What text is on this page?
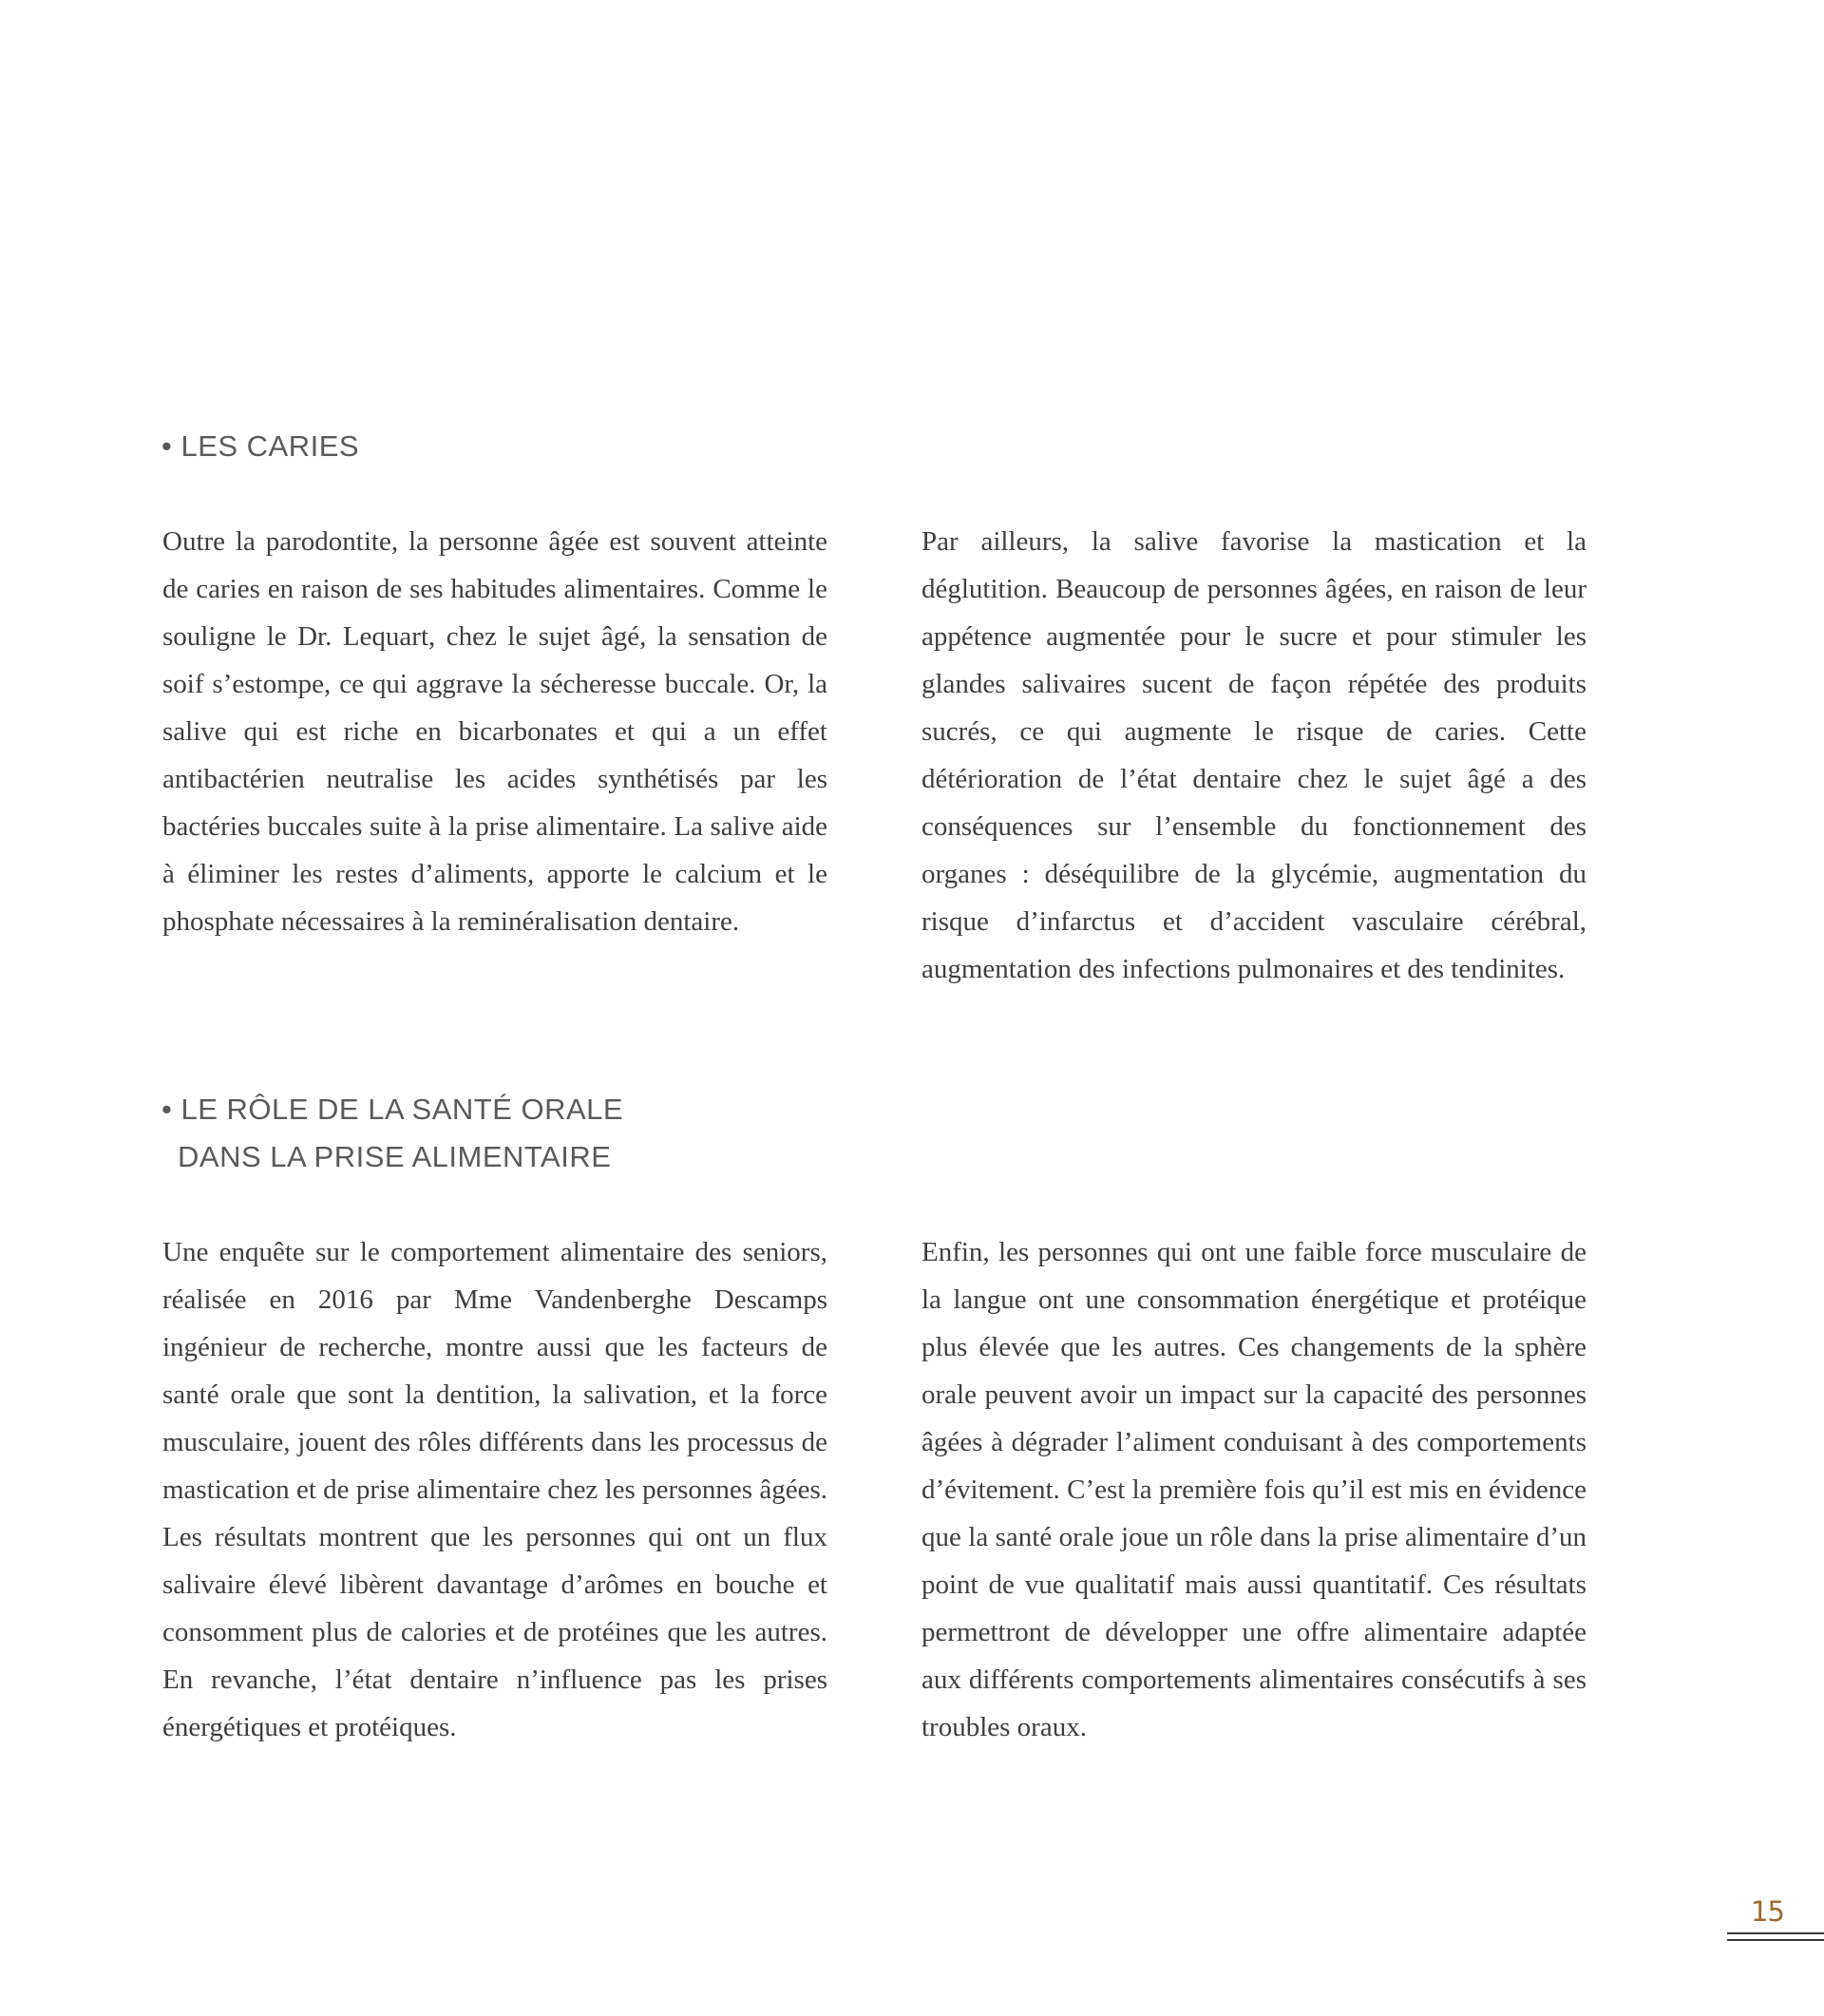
• LES CARIES

Outre la parodontite, la personne âgée est souvent atteinte de caries en raison de ses habitudes alimentaires. Comme le souligne le Dr. Lequart, chez le sujet âgé, la sensation de soif s’estompe, ce qui aggrave la sécheresse buccale. Or, la salive qui est riche en bicarbonates et qui a un effet antibactérien neutralise les acides synthétisés par les bactéries buccales suite à la prise alimentaire. La salive aide à éliminer les restes d’aliments, apporte le calcium et le phosphate nécessaires à la reminéralisation dentaire.

Par ailleurs, la salive favorise la mastication et la déglutition. Beaucoup de personnes âgées, en raison de leur appétence augmentée pour le sucre et pour stimuler les glandes salivaires sucent de façon répétée des produits sucrés, ce qui augmente le risque de caries. Cette détérioration de l’état dentaire chez le sujet âgé a des conséquences sur l’ensemble du fonctionnement des organes : déséquilibre de la glycémie, augmentation du risque d’infarctus et d’accident vasculaire cérébral, augmentation des infections pulmonaires et des tendinites.

• LE RÔLE DE LA SANTÉ ORALE
DANS LA PRISE ALIMENTAIRE

Une enquête sur le comportement alimentaire des seniors, réalisée en 2016 par Mme Vandenberghe Descamps ingénieur de recherche, montre aussi que les facteurs de santé orale que sont la dentition, la salivation, et la force musculaire, jouent des rôles différents dans les processus de mastication et de prise alimentaire chez les personnes âgées. Les résultats montrent que les personnes qui ont un flux salivaire élevé libèrent davantage d’arômes en bouche et consomment plus de calories et de protéines que les autres. En revanche, l’état dentaire n’influence pas les prises énergétiques et protéiques.

Enfin, les personnes qui ont une faible force musculaire de la langue ont une consommation énergétique et protéique plus élevée que les autres. Ces changements de la sphère orale peuvent avoir un impact sur la capacité des personnes âgées à dégrader l’aliment conduisant à des comportements d’évitement. C’est la première fois qu’il est mis en évidence que la santé orale joue un rôle dans la prise alimentaire d’un point de vue qualitatif mais aussi quantitatif. Ces résultats permettront de développer une offre alimentaire adaptée aux différents comportements alimentaires consécutifs à ses troubles oraux.

15
